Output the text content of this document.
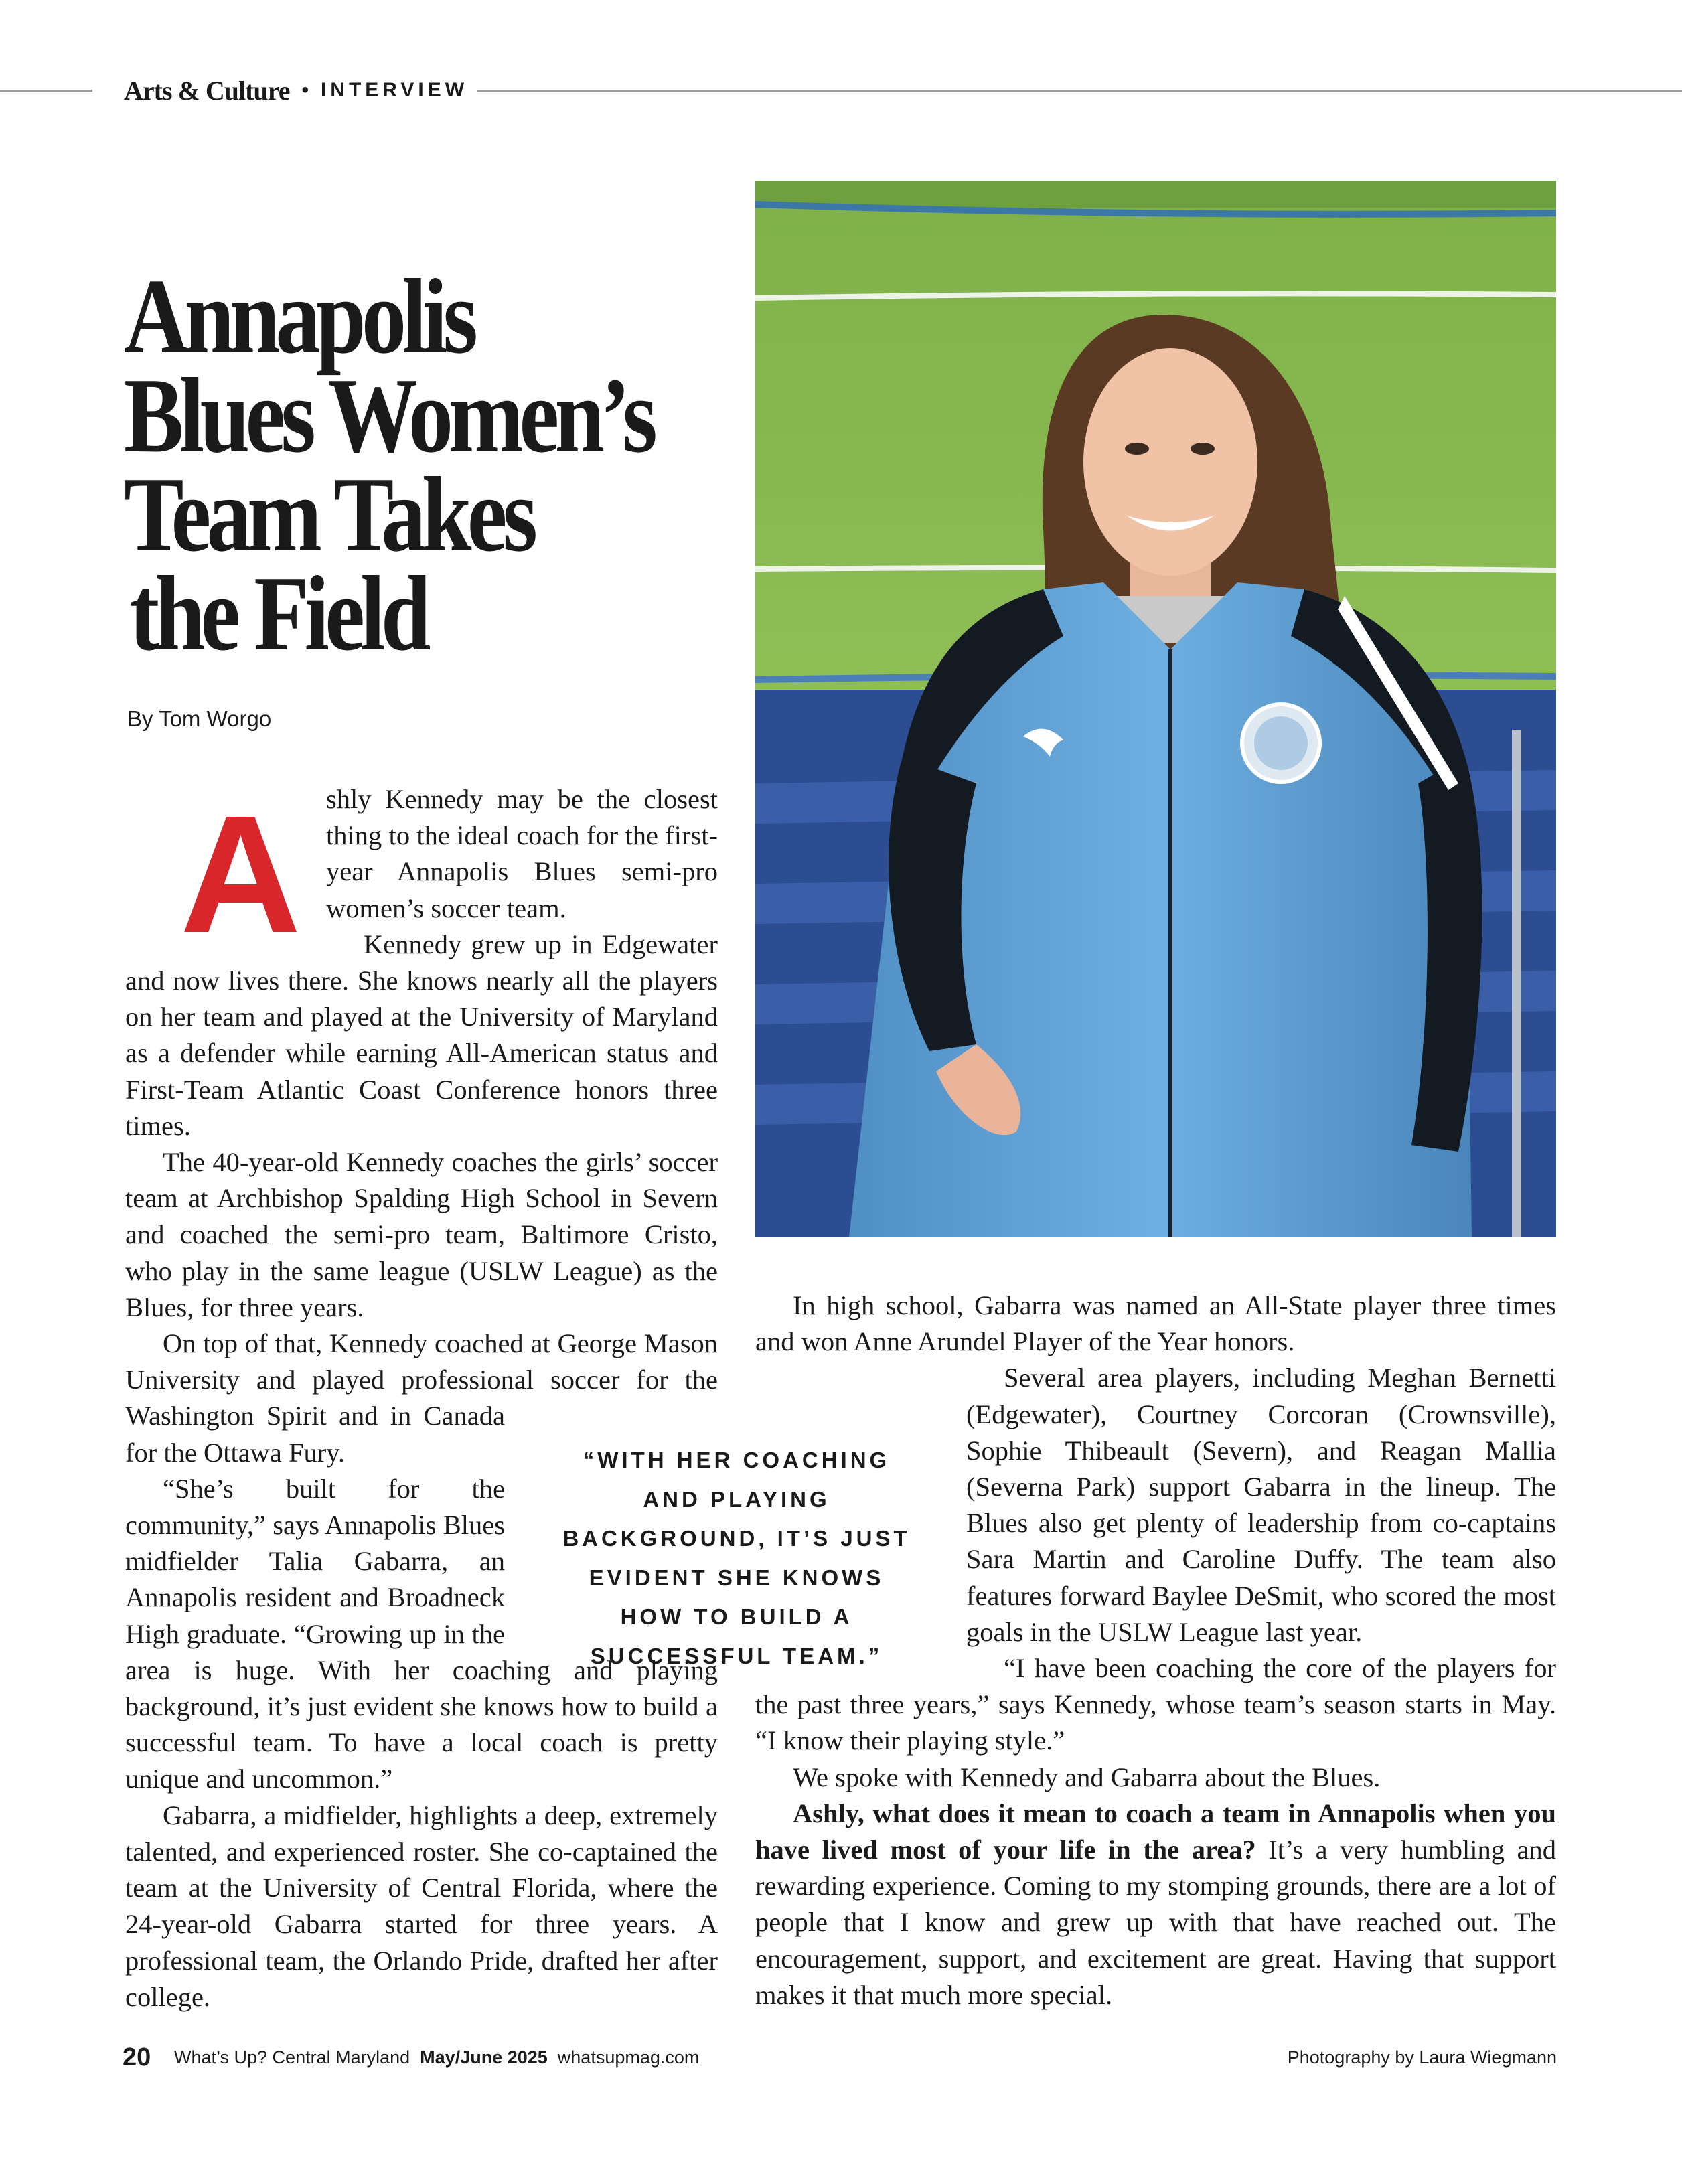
Arts & Culture • INTERVIEW
Annapolis
Blues Women’s
Team Takes
the Field
By Tom Worgo
A shly Kennedy may be the closest thing to the ideal coach for the first-year Annapolis Blues semi-pro women’s soccer team.

Kennedy grew up in Edgewater and now lives there. She knows nearly all the players on her team and played at the University of Maryland as a defender while earning All-American status and First-Team Atlantic Coast Conference honors three times.

The 40-year-old Kennedy coaches the girls’ soccer team at Archbishop Spalding High School in Severn and coached the semi-pro team, Baltimore Cristo, who play in the same league (USLW League) as the Blues, for three years.

On top of that, Kennedy coached at George Mason University and played professional soccer for the Washington Spirit and in Canada for the Ottawa Fury.

“She’s built for the community,” says Annapolis Blues midfielder Talia Gabarra, an Annapolis resident and Broadneck High graduate. “Growing up in the area is huge. With her coaching and playing background, it’s just evident she knows how to build a successful team. To have a local coach is pretty unique and uncommon.”

Gabarra, a midfielder, highlights a deep, extremely talented, and experienced roster. She co-captained the team at the University of Central Florida, where the 24-year-old Gabarra started for three years. A professional team, the Orlando Pride, drafted her after college.

In high school, Gabarra was named an All-State player three times and won Anne Arundel Player of the Year honors.

Several area players, including Meghan Bernetti (Edgewater), Courtney Corcoran (Crownsville), Sophie Thibeault (Severn), and Reagan Mallia (Severna Park) support Gabarra in the lineup. The Blues also get plenty of leadership from co-captains Sara Martin and Caroline Duffy. The team also features forward Baylee DeSmit, who scored the most goals in the USLW League last year.

“I have been coaching the core of the players for the past three years,” says Kennedy, whose team’s season starts in May. “I know their playing style.”

We spoke with Kennedy and Gabarra about the Blues.

Ashly, what does it mean to coach a team in Annapolis when you have lived most of your life in the area? It’s a very humbling and rewarding experience. Coming to my stomping grounds, there are a lot of people that I know and grew up with that have reached out. The encouragement, support, and excitement are great. Having that support makes it that much more special.

“WITH HER COACHING AND PLAYING BACKGROUND, IT’S JUST EVIDENT SHE KNOWS HOW TO BUILD A SUCCESSFUL TEAM.”

20 What’s Up? Central Maryland May/June 2025 whatsupmag.com	Photography by Laura Wiegmann
